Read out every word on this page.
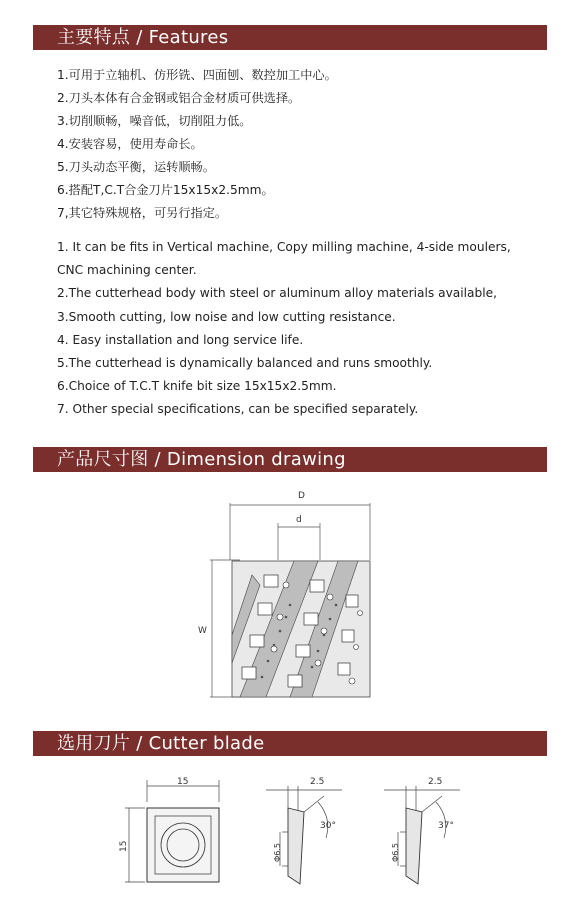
主要特点 / Features
1.可用于立轴机、仿形铣、四面刨、数控加工中心。
2.刀头本体有合金钢或铝合金材质可供选择。
3.切削顺畅，噪音低，切削阻力低。
4.安装容易，使用寿命长。
5.刀头动态平衡，运转顺畅。
6.搭配T,C.T合金刀片15x15x2.5mm。
7,其它特殊规格，可另行指定。
1. It can be fits in Vertical machine, Copy milling machine, 4-side moulers, CNC machining center.
2.The cutterhead body with steel or aluminum alloy materials available,
3.Smooth cutting, low noise and low cutting resistance.
4. Easy installation and long service life.
5.The cutterhead is dynamically balanced and runs smoothly.
6.Choice of T.C.T knife bit size 15x15x2.5mm.
7. Other special specifications, can be specified separately.
产品尺寸图 / Dimension drawing
D
d
W
选用刀片 / Cutter blade
15
15
2.5
30°
Φ6.5
2.5
37°
Φ6.5
